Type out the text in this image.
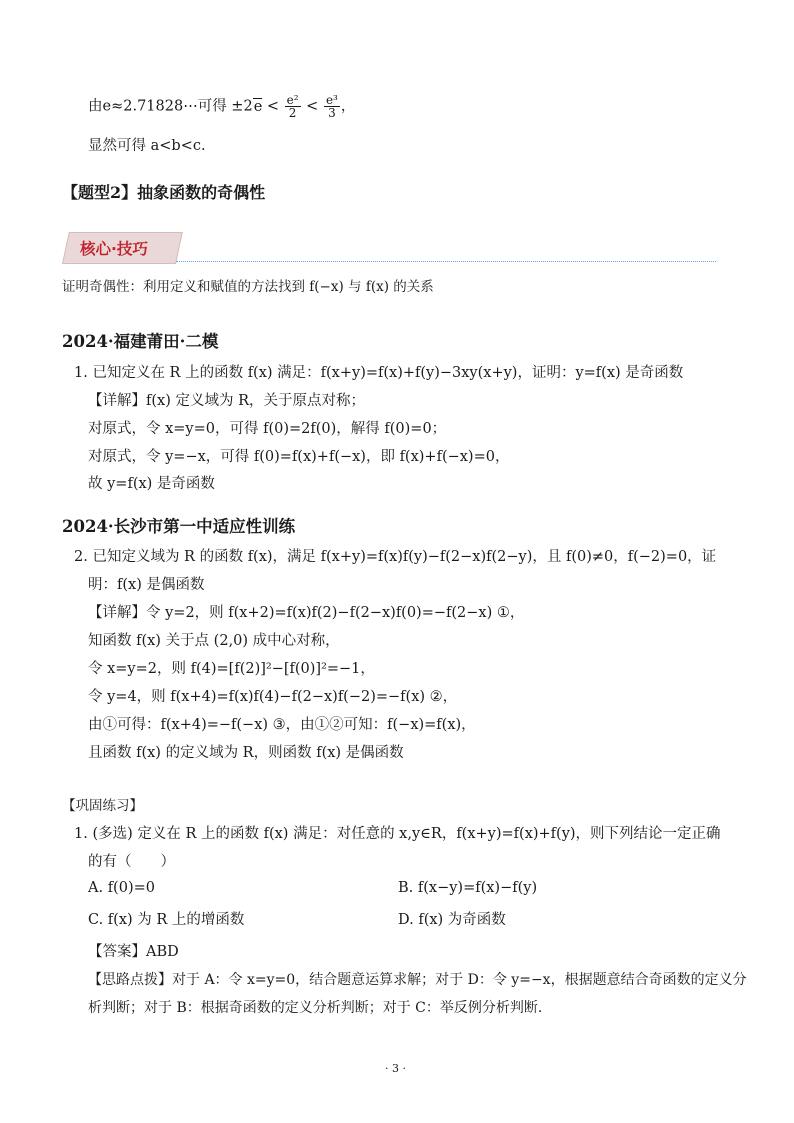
由e≈2.71828⋯可得 $\pm 2e < \frac{\text{e²}}{2} < \frac{\text{e³}}{3}$ ，
显然可得 a<b<c.
【题型2】抽象函数的奇偶性
核心·技巧
证明奇偶性：利用定义和赋值的方法找到 f(−x) 与 f(x) 的关系
2024·福建莆田·二模
1. 已知定义在 R 上的函数 f(x) 满足：f(x+y)=f(x)+f(y)−3xy(x+y)，证明：y=f(x) 是奇函数
【详解】f(x) 定义域为 R，关于原点对称；
对原式，令 x=y=0，可得 f(0)=2f(0)，解得 f(0)=0；
对原式，令 y=−x，可得 f(0)=f(x)+f(−x)，即 f(x)+f(−x)=0，
故 y=f(x) 是奇函数
2024·长沙市第一中适应性训练
2. 已知定义域为 R 的函数 f(x)，满足 f(x+y)=f(x)f(y)−f(2−x)f(2−y)，且 f(0)≠0，f(−2)=0，证
明：f(x) 是偶函数
【详解】令 y=2，则 f(x+2)=f(x)f(2)−f(2−x)f(0)=−f(2−x) ①，
知函数 f(x) 关于点 (2,0) 成中心对称，
令 x=y=2，则 f(4)=[f(2)]²−[f(0)]²=−1，
令 y=4，则 f(x+4)=f(x)f(4)−f(2−x)f(−2)=−f(x) ②，
由①可得：f(x+4)=−f(−x) ③，由①②可知：f(−x)=f(x)，
且函数 f(x) 的定义域为 R，则函数 f(x) 是偶函数
【巩固练习】
1. (多选) 定义在 R 上的函数 f(x) 满足：对任意的 x,y∈R，f(x+y)=f(x)+f(y)，则下列结论一定正确
的有（　　）
A. f(0)=0	B. f(x−y)=f(x)−f(y)
C. f(x) 为 R 上的增函数	D. f(x) 为奇函数
【答案】ABD
【思路点拨】对于 A：令 x=y=0，结合题意运算求解；对于 D：令 y=−x，根据题意结合奇函数的定义分
析判断；对于 B：根据奇函数的定义分析判断；对于 C：举反例分析判断.
· 3 ·
